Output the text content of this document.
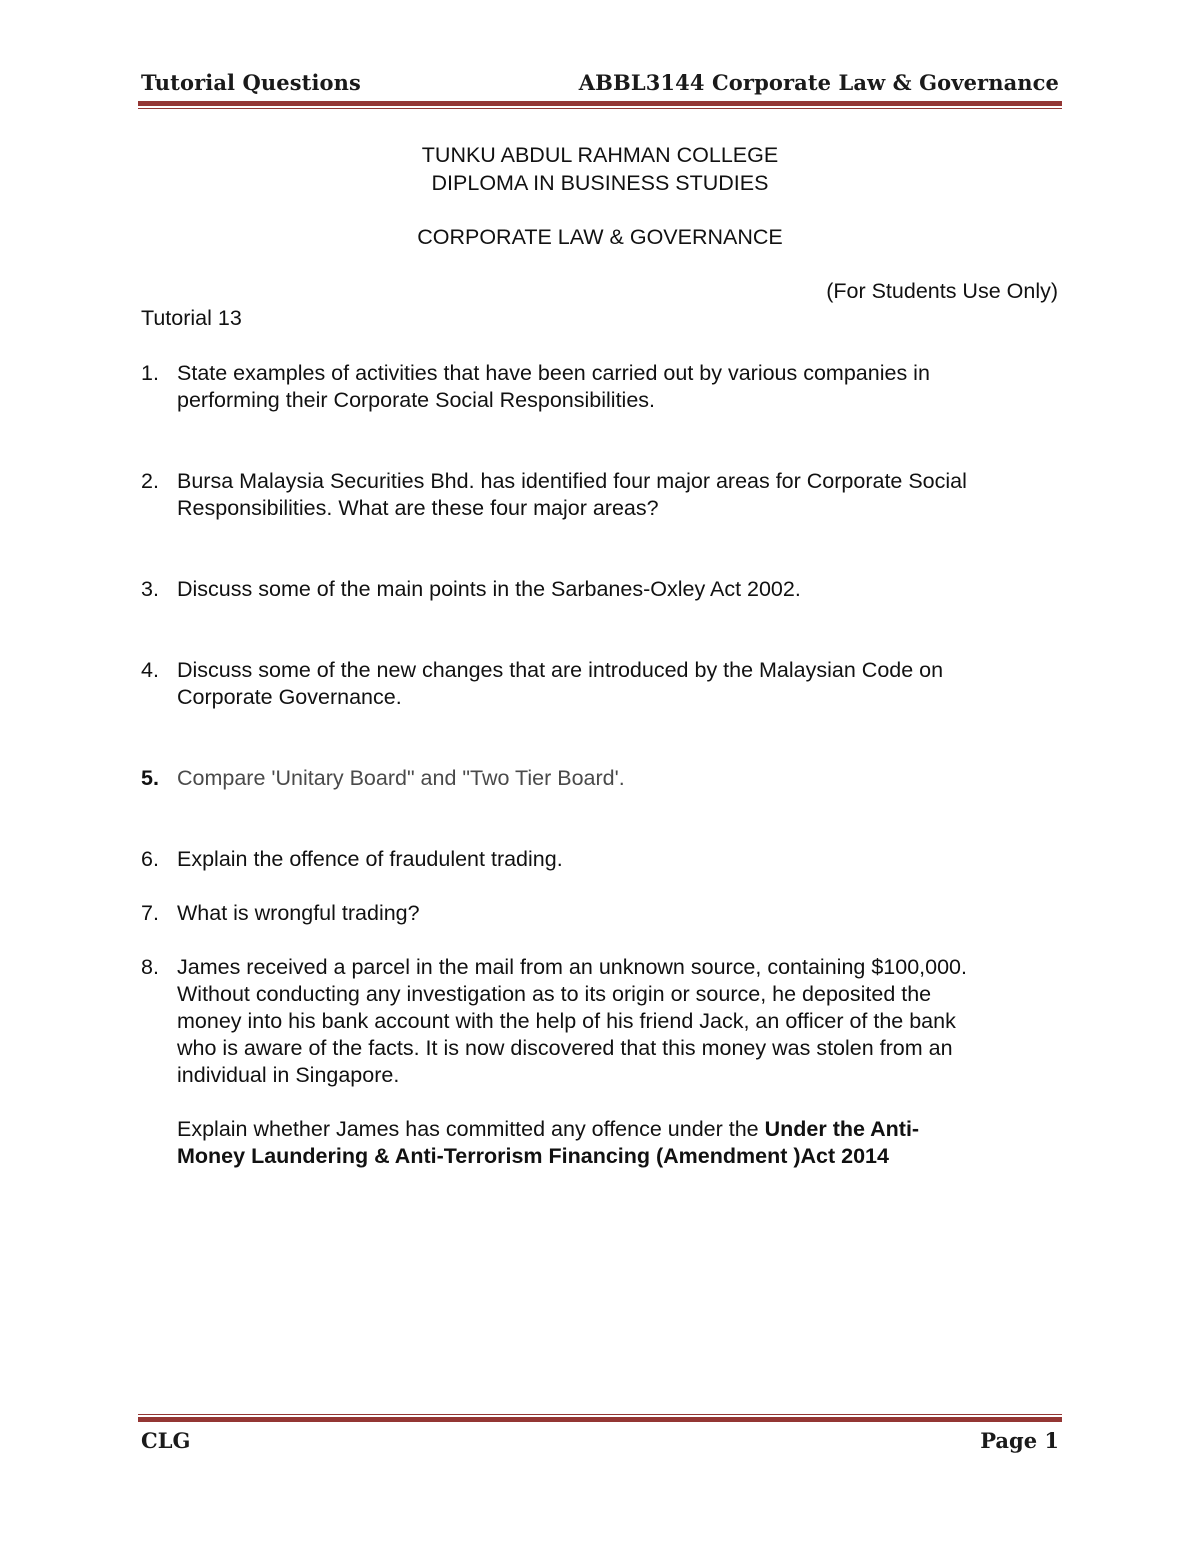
Tutorial Questions	ABBL3144 Corporate Law & Governance
TUNKU ABDUL RAHMAN COLLEGE
DIPLOMA IN BUSINESS STUDIES
CORPORATE LAW & GOVERNANCE
(For Students Use Only)
Tutorial 13
1. State examples of activities that have been carried out by various companies in
performing their Corporate Social Responsibilities.
2. Bursa Malaysia Securities Bhd. has identified four major areas for Corporate Social
Responsibilities. What are these four major areas?
3. Discuss some of the main points in the Sarbanes-Oxley Act 2002.
4. Discuss some of the new changes that are introduced by the Malaysian Code on
Corporate Governance.
5. Compare 'Unitary Board" and "Two Tier Board'.
6. Explain the offence of fraudulent trading.
7. What is wrongful trading?
8. James received a parcel in the mail from an unknown source, containing $100,000.
Without conducting any investigation as to its origin or source, he deposited the
money into his bank account with the help of his friend Jack, an officer of the bank
who is aware of the facts. It is now discovered that this money was stolen from an
individual in Singapore.
Explain whether James has committed any offence under the Under the Anti-
Money Laundering & Anti-Terrorism Financing (Amendment )Act 2014
CLG	Page 1
